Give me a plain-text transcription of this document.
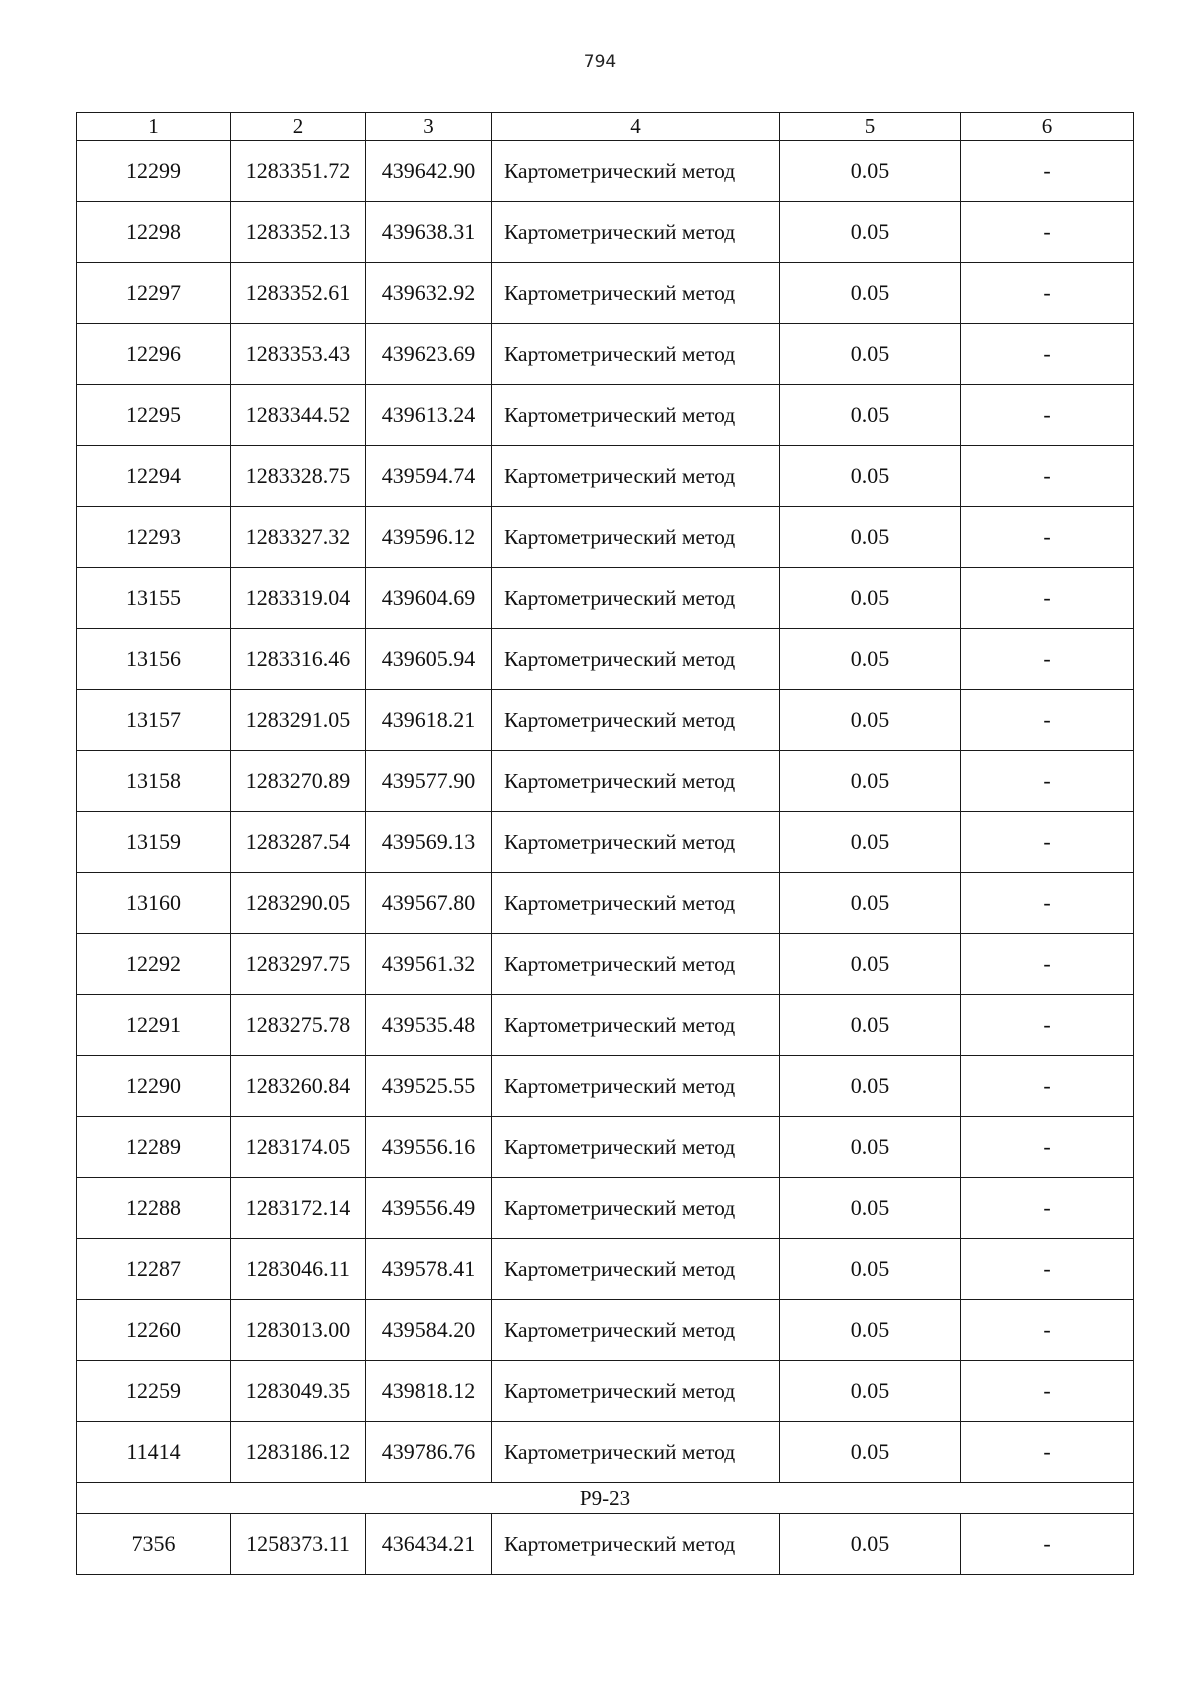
794
1	2	3	4	5	6
12299	1283351.72	439642.90	Картометрический метод	0.05	-
12298	1283352.13	439638.31	Картометрический метод	0.05	-
12297	1283352.61	439632.92	Картометрический метод	0.05	-
12296	1283353.43	439623.69	Картометрический метод	0.05	-
12295	1283344.52	439613.24	Картометрический метод	0.05	-
12294	1283328.75	439594.74	Картометрический метод	0.05	-
12293	1283327.32	439596.12	Картометрический метод	0.05	-
13155	1283319.04	439604.69	Картометрический метод	0.05	-
13156	1283316.46	439605.94	Картометрический метод	0.05	-
13157	1283291.05	439618.21	Картометрический метод	0.05	-
13158	1283270.89	439577.90	Картометрический метод	0.05	-
13159	1283287.54	439569.13	Картометрический метод	0.05	-
13160	1283290.05	439567.80	Картометрический метод	0.05	-
12292	1283297.75	439561.32	Картометрический метод	0.05	-
12291	1283275.78	439535.48	Картометрический метод	0.05	-
12290	1283260.84	439525.55	Картометрический метод	0.05	-
12289	1283174.05	439556.16	Картометрический метод	0.05	-
12288	1283172.14	439556.49	Картометрический метод	0.05	-
12287	1283046.11	439578.41	Картометрический метод	0.05	-
12260	1283013.00	439584.20	Картометрический метод	0.05	-
12259	1283049.35	439818.12	Картометрический метод	0.05	-
11414	1283186.12	439786.76	Картометрический метод	0.05	-
P9-23					
7356	1258373.11	436434.21	Картометрический метод	0.05	-
